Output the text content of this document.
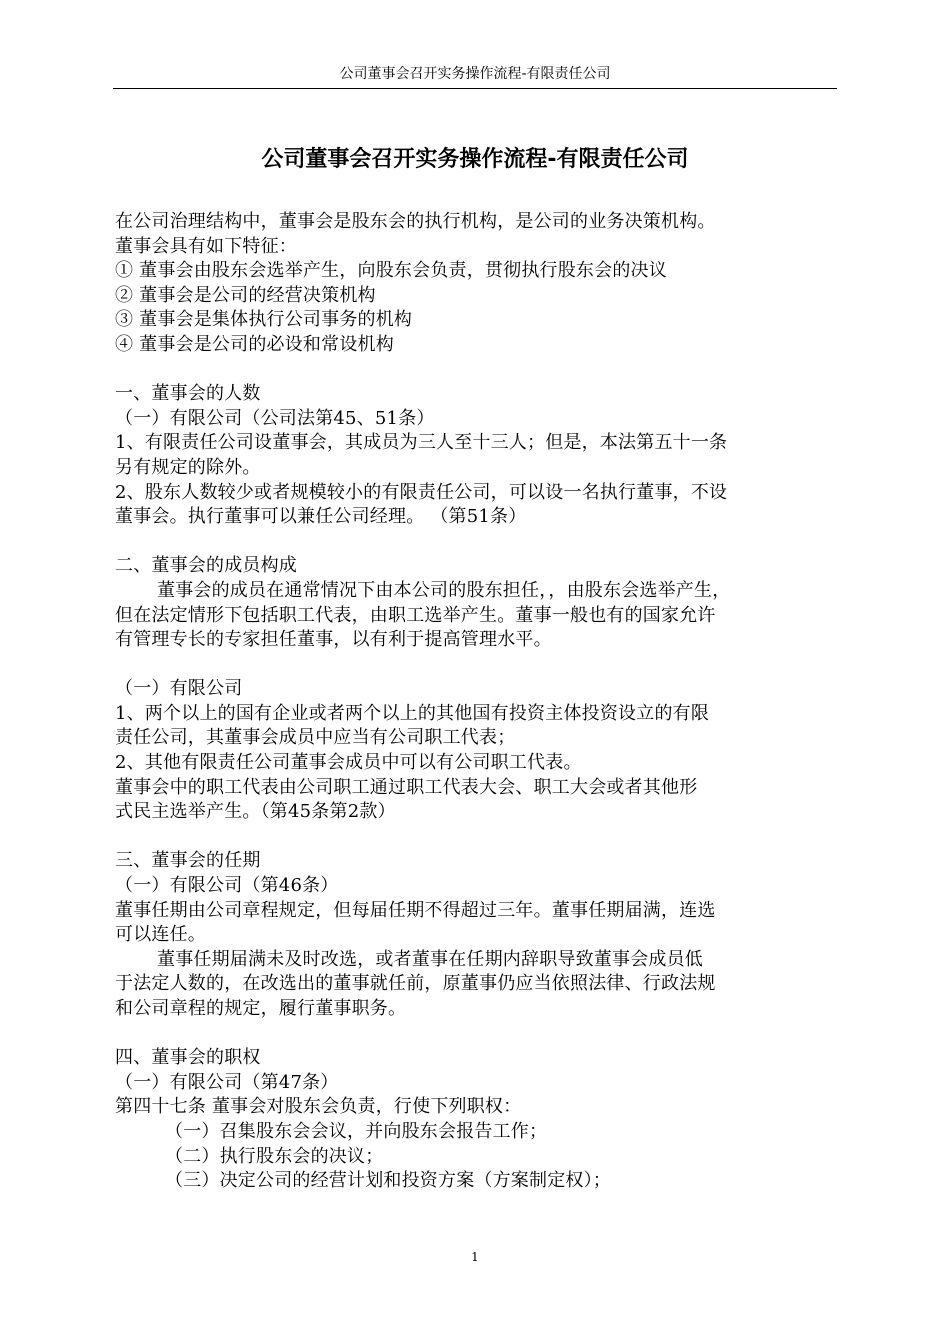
公司董事会召开实务操作流程-有限责任公司
公司董事会召开实务操作流程-有限责任公司
在公司治理结构中，董事会是股东会的执行机构，是公司的业务决策机构。
董事会具有如下特征：
① 董事会由股东会选举产生，向股东会负责，贯彻执行股东会的决议
② 董事会是公司的经营决策机构
③ 董事会是集体执行公司事务的机构
④ 董事会是公司的必设和常设机构
一、董事会的人数
（一）有限公司（公司法第45、51条）
1、有限责任公司设董事会，其成员为三人至十三人；但是，本法第五十一条
另有规定的除外。
2、股东人数较少或者规模较小的有限责任公司，可以设一名执行董事，不设
董事会。执行董事可以兼任公司经理。 （第51条）
二、董事会的成员构成
董事会的成员在通常情况下由本公司的股东担任，，由股东会选举产生，
但在法定情形下包括职工代表，由职工选举产生。董事一般也有的国家允许
有管理专长的专家担任董事，以有利于提高管理水平。
（一）有限公司
1、两个以上的国有企业或者两个以上的其他国有投资主体投资设立的有限
责任公司，其董事会成员中应当有公司职工代表；
2、其他有限责任公司董事会成员中可以有公司职工代表。
董事会中的职工代表由公司职工通过职工代表大会、职工大会或者其他形
式民主选举产生。（第45条第2款）
三、董事会的任期
（一）有限公司（第46条）
董事任期由公司章程规定，但每届任期不得超过三年。董事任期届满，连选
可以连任。
董事任期届满未及时改选，或者董事在任期内辞职导致董事会成员低
于法定人数的，在改选出的董事就任前，原董事仍应当依照法律、行政法规
和公司章程的规定，履行董事职务。
四、董事会的职权
（一）有限公司（第47条）
第四十七条 董事会对股东会负责，行使下列职权：
（一）召集股东会会议，并向股东会报告工作；
（二）执行股东会的决议；
（三）决定公司的经营计划和投资方案（方案制定权）；
1
